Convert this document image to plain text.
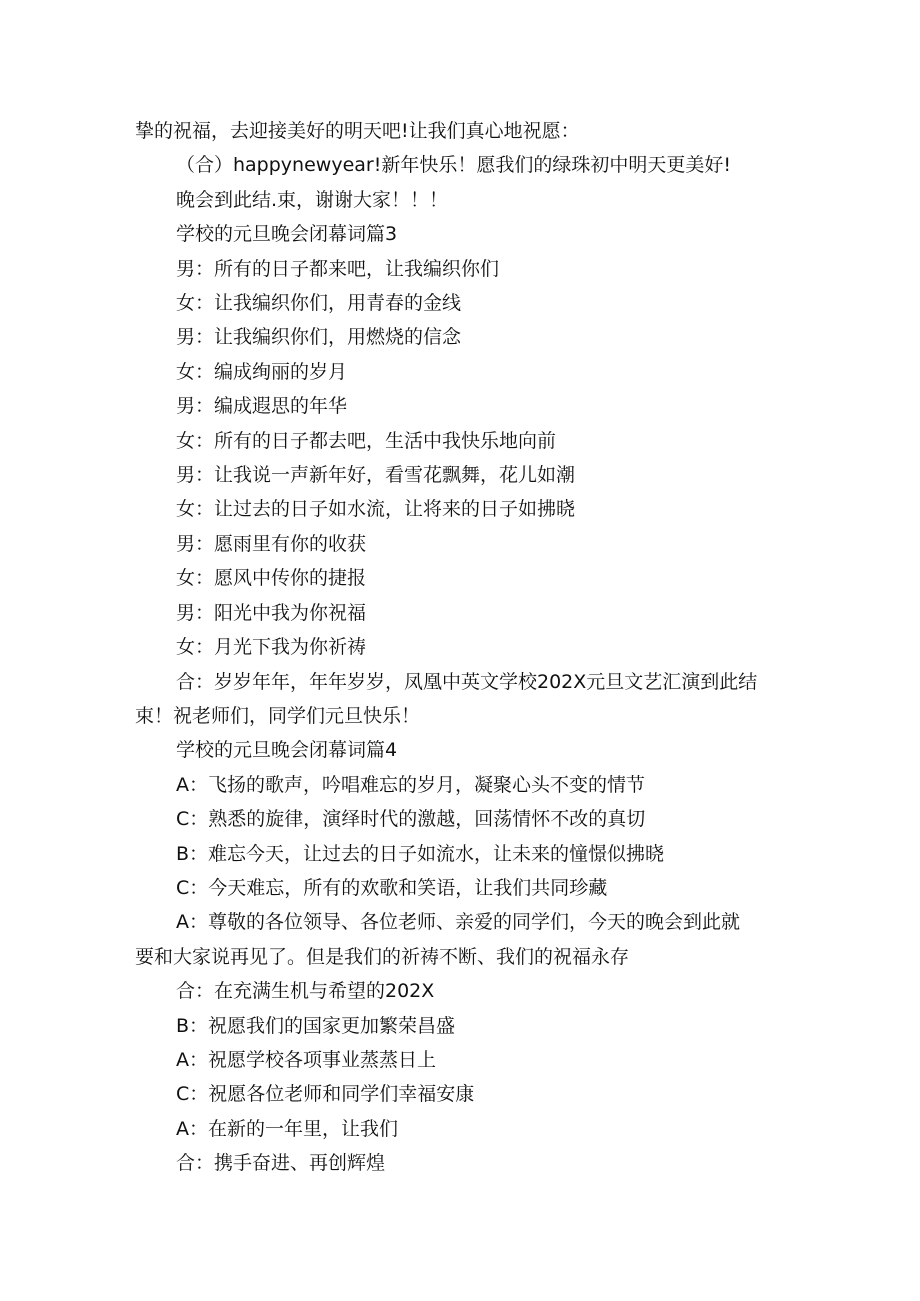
挚的祝福，去迎接美好的明天吧!让我们真心地祝愿：
（合）happynewyear!新年快乐！愿我们的绿珠初中明天更美好!
晚会到此结.束，谢谢大家！！！
学校的元旦晚会闭幕词篇3
男：所有的日子都来吧，让我编织你们
女：让我编织你们，用青春的金线
男：让我编织你们，用燃烧的信念
女：编成绚丽的岁月
男：编成遐思的年华
女：所有的日子都去吧，生活中我快乐地向前
男：让我说一声新年好，看雪花飘舞，花儿如潮
女：让过去的日子如水流，让将来的日子如拂晓
男：愿雨里有你的收获
女：愿风中传你的捷报
男：阳光中我为你祝福
女：月光下我为你祈祷
合：岁岁年年，年年岁岁，凤凰中英文学校202X元旦文艺汇演到此结
束！祝老师们，同学们元旦快乐！
学校的元旦晚会闭幕词篇4
A：飞扬的歌声，吟唱难忘的岁月，凝聚心头不变的情节
C：熟悉的旋律，演绎时代的激越，回荡情怀不改的真切
B：难忘今天，让过去的日子如流水，让未来的憧憬似拂晓
C：今天难忘，所有的欢歌和笑语，让我们共同珍藏
A：尊敬的各位领导、各位老师、亲爱的同学们，今天的晚会到此就
要和大家说再见了。但是我们的祈祷不断、我们的祝福永存
合：在充满生机与希望的202X
B：祝愿我们的国家更加繁荣昌盛
A：祝愿学校各项事业蒸蒸日上
C：祝愿各位老师和同学们幸福安康
A：在新的一年里，让我们
合：携手奋进、再创辉煌
